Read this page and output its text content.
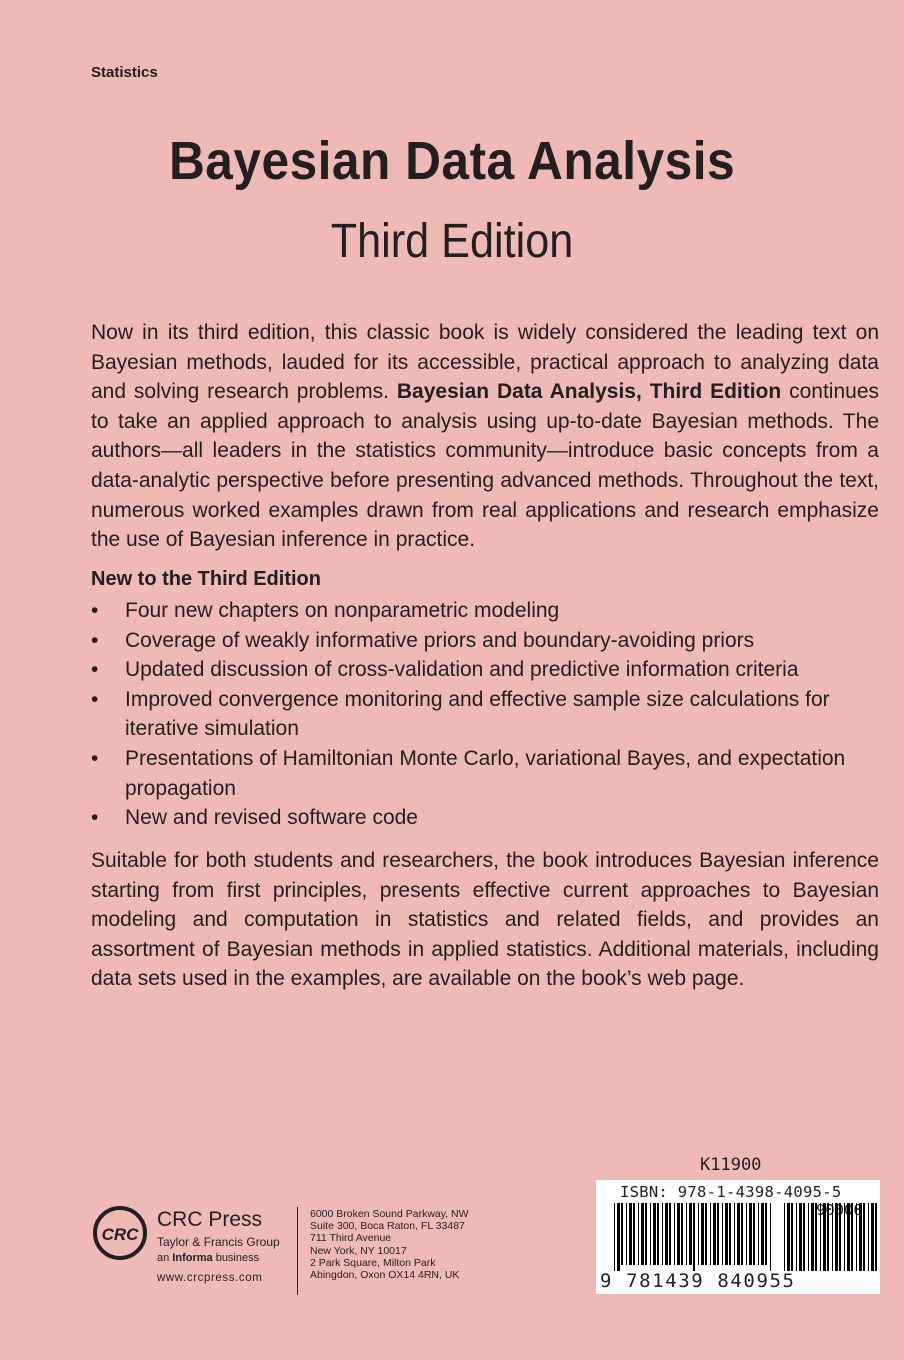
Statistics
Bayesian Data Analysis
Third Edition
Now in its third edition, this classic book is widely considered the leading text on Bayesian methods, lauded for its accessible, practical approach to analyzing data and solving research problems. Bayesian Data Analysis, Third Edition continues to take an applied approach to analysis using up-to-date Bayesian methods. The authors—all leaders in the statistics community—introduce basic concepts from a data-analytic perspective before presenting advanced methods. Throughout the text, numerous worked examples drawn from real applications and research emphasize the use of Bayesian inference in practice.
New to the Third Edition
• Four new chapters on nonparametric modeling
• Coverage of weakly informative priors and boundary-avoiding priors
• Updated discussion of cross-validation and predictive information criteria
• Improved convergence monitoring and effective sample size calculations for iterative simulation
• Presentations of Hamiltonian Monte Carlo, variational Bayes, and expectation propagation
• New and revised software code
Suitable for both students and researchers, the book introduces Bayesian inference starting from first principles, presents effective current approaches to Bayesian modeling and computation in statistics and related fields, and provides an assortment of Bayesian methods in applied statistics. Additional materials, including data sets used in the examples, are available on the book’s web page.
CRC
CRC Press
Taylor & Francis Group
an Informa business
www.crcpress.com
6000 Broken Sound Parkway, NW
Suite 300, Boca Raton, FL 33487
711 Third Avenue
New York, NY 10017
2 Park Square, Milton Park
Abingdon, Oxon OX14 4RN, UK
K11900
ISBN: 978-1-4398-4095-5
9 781439 840955
